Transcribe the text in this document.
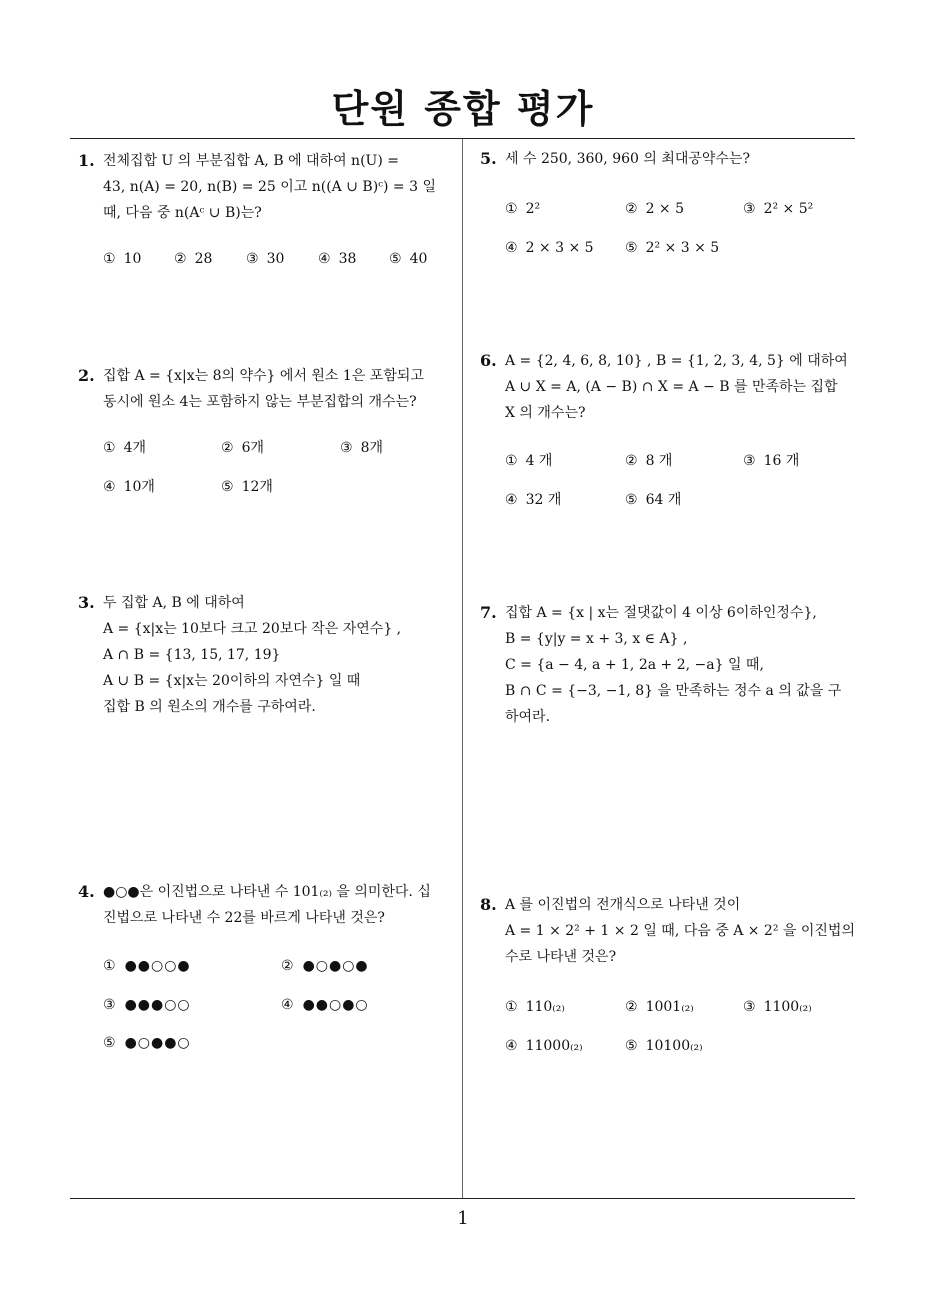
단원 종합 평가
1. 전체집합 U 의 부분집합 A, B 에 대하여 n(U) =

43, n(A) = 20, n(B) = 25 이고 n((A ∪ B)ᶜ) = 3 일

때, 다음 중 n(Aᶜ ∪ B)는?

① 10 ② 28 ③ 30 ④ 38 ⑤ 40
2. 집합 A = {x|x는 8의 약수} 에서 원소 1은 포함되고

동시에 원소 4는 포함하지 않는 부분집합의 개수는?

① 4개	② 6개	③ 8개
④ 10개	⑤ 12개
3. 두 집합 A, B 에 대하여

A = {x|x는 10보다 크고 20보다 작은 자연수} ,

A ∩ B = {13, 15, 17, 19}

A ∪ B = {x|x는 20이하의 자연수} 일 때

집합 B 의 원소의 개수를 구하여라.

4. ●○●은 이진법으로 나타낸 수 101₍₂₎ 을 의미한다. 십

진법으로 나타낸 수 22를 바르게 나타낸 것은?

① ●●○○●	② ●○●○●
③ ●●●○○	④ ●●○●○
⑤ ●○●●○
5. 세 수 250, 360, 960 의 최대공약수는?

① 2²	② 2 × 5	③ 2² × 5²
④ 2 × 3 × 5 ⑤ 2² × 3 × 5
6. A = {2, 4, 6, 8, 10} , B = {1, 2, 3, 4, 5} 에 대하여

A ∪ X = A, (A − B) ∩ X = A − B 를 만족하는 집합

X 의 개수는?

① 4 개	② 8 개	③ 16 개
④ 32 개	⑤ 64 개
7. 집합 A = {x | x는 절댓값이 4 이상 6이하인정수},

B = {y|y = x + 3, x ∈ A} ,

C = {a − 4, a + 1, 2a + 2, −a} 일 때,

B ∩ C = {−3, −1, 8} 을 만족하는 정수 a 의 값을 구

하여라.

8. A 를 이진법의 전개식으로 나타낸 것이

A = 1 × 2² + 1 × 2 일 때, 다음 중 A × 2² 을 이진법의

수로 나타낸 것은?

① 110₍₂₎	② 1001₍₂₎	③ 1100₍₂₎
④ 11000₍₂₎	⑤ 10100₍₂₎
1
